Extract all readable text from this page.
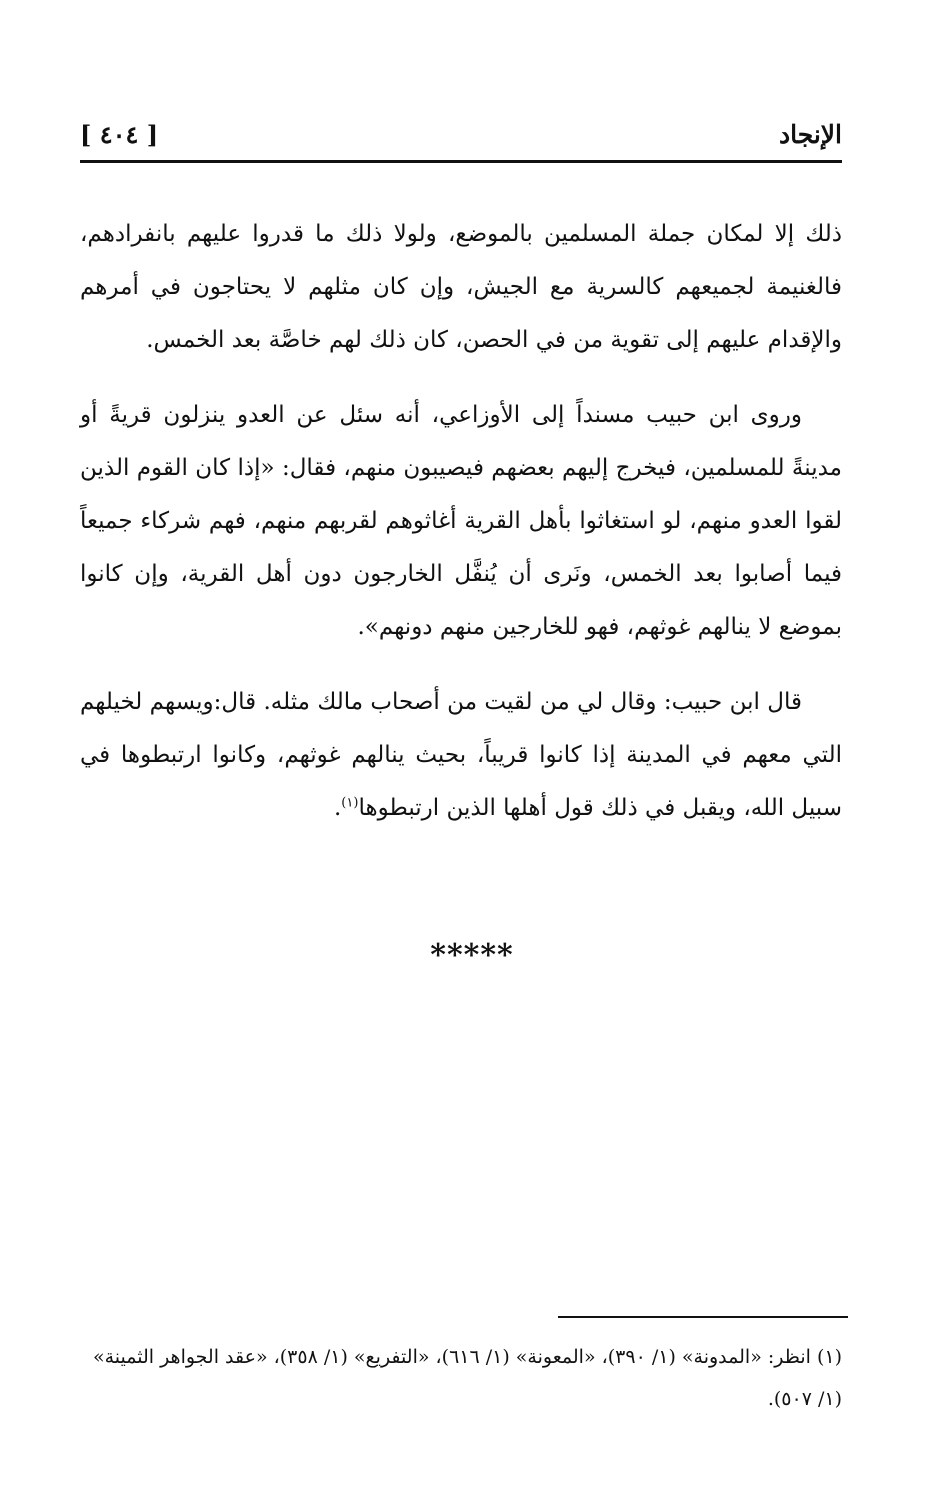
الإنجاد
[ ٤٠٤ ]

ذلك إلا لمكان جملة المسلمين بالموضع، ولولا ذلك ما قدروا عليهم بانفرادهم، فالغنيمة لجميعهم كالسرية مع الجيش، وإن كان مثلهم لا يحتاجون في أمرهم والإقدام عليهم إلى تقوية من في الحصن، كان ذلك لهم خاصَّة بعد الخمس.

وروى ابن حبيب مسنداً إلى الأوزاعي، أنه سئل عن العدو ينزلون قريةً أو مدينةً للمسلمين، فيخرج إليهم بعضهم فيصيبون منهم، فقال: «إذا كان القوم الذين لقوا العدو منهم، لو استغاثوا بأهل القرية أغاثوهم لقربهم منهم، فهم شركاء جميعاً فيما أصابوا بعد الخمس، ونَرى أن يُنفَّل الخارجون دون أهل القرية، وإن كانوا بموضع لا ينالهم غوثهم، فهو للخارجين منهم دونهم».

قال ابن حبيب: وقال لي من لقيت من أصحاب مالك مثله. قال:ويسهم لخيلهم التي معهم في المدينة إذا كانوا قريباً، بحيث ينالهم غوثهم، وكانوا ارتبطوها في سبيل الله، ويقبل في ذلك قول أهلها الذين ارتبطوها$^{(١)}$.

*****
(١) انظر: «المدونة» (١/ ٣٩٠)، «المعونة» (١/ ٦١٦)، «التفريع» (١/ ٣٥٨)، «عقد الجواهر الثمينة» (١/ ٥٠٧).
